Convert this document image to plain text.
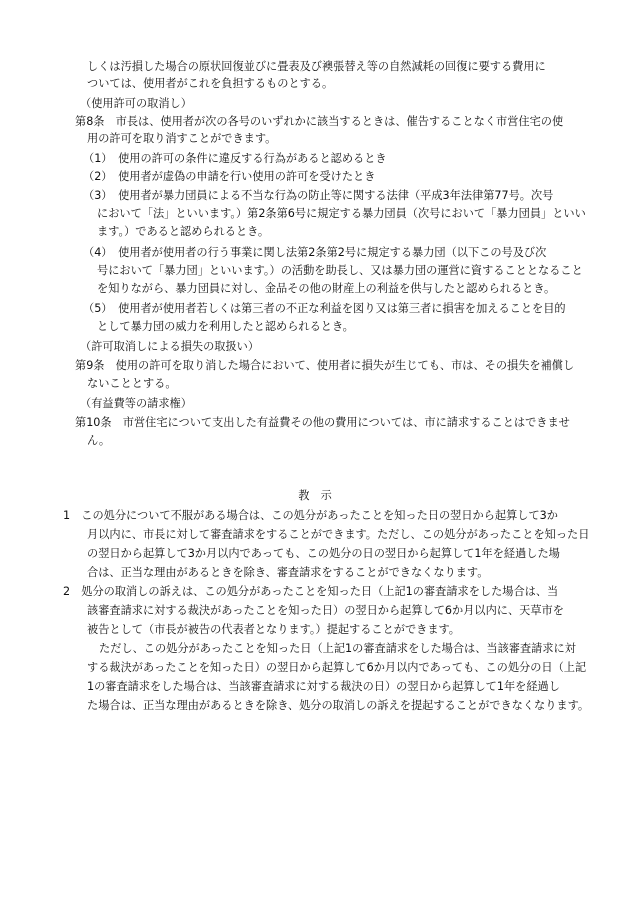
しくは汚損した場合の原状回復並びに畳表及び襖張替え等の自然減耗の回復に要する費用に
ついては、使用者がこれを負担するものとする。
（使用許可の取消し）
第8条　市長は、使用者が次の各号のいずれかに該当するときは、催告することなく市営住宅の使
用の許可を取り消すことができます。
（1）　使用の許可の条件に違反する行為があると認めるとき
（2）　使用者が虚偽の申請を行い使用の許可を受けたとき
（3）　使用者が暴力団員による不当な行為の防止等に関する法律（平成3年法律第77号。次号
において「法」といいます。）第2条第6号に規定する暴力団員（次号において「暴力団員」といい
ます。）であると認められるとき。
（4）　使用者が使用者の行う事業に関し法第2条第2号に規定する暴力団（以下この号及び次
号において「暴力団」といいます。）の活動を助長し、又は暴力団の運営に資することとなること
を知りながら、暴力団員に対し、金品その他の財産上の利益を供与したと認められるとき。
（5）　使用者が使用者若しくは第三者の不正な利益を図り又は第三者に損害を加えることを目的
として暴力団の威力を利用したと認められるとき。
（許可取消しによる損失の取扱い）
第9条　使用の許可を取り消した場合において、使用者に損失が生じても、市は、その損失を補償し
ないこととする。
（有益費等の請求権）
第10条　市営住宅について支出した有益費その他の費用については、市に請求することはできませ
ん。
教　示
1　この処分について不服がある場合は、この処分があったことを知った日の翌日から起算して3か
月以内に、市長に対して審査請求をすることができます。ただし、この処分があったことを知った日
の翌日から起算して3か月以内であっても、この処分の日の翌日から起算して1年を経過した場
合は、正当な理由があるときを除き、審査請求をすることができなくなります。
2　処分の取消しの訴えは、この処分があったことを知った日（上記1の審査請求をした場合は、当
該審査請求に対する裁決があったことを知った日）の翌日から起算して6か月以内に、天草市を
被告として（市長が被告の代表者となります。）提起することができます。
ただし、この処分があったことを知った日（上記1の審査請求をした場合は、当該審査請求に対
する裁決があったことを知った日）の翌日から起算して6か月以内であっても、この処分の日（上記
1の審査請求をした場合は、当該審査請求に対する裁決の日）の翌日から起算して1年を経過し
た場合は、正当な理由があるときを除き、処分の取消しの訴えを提起することができなくなります。
